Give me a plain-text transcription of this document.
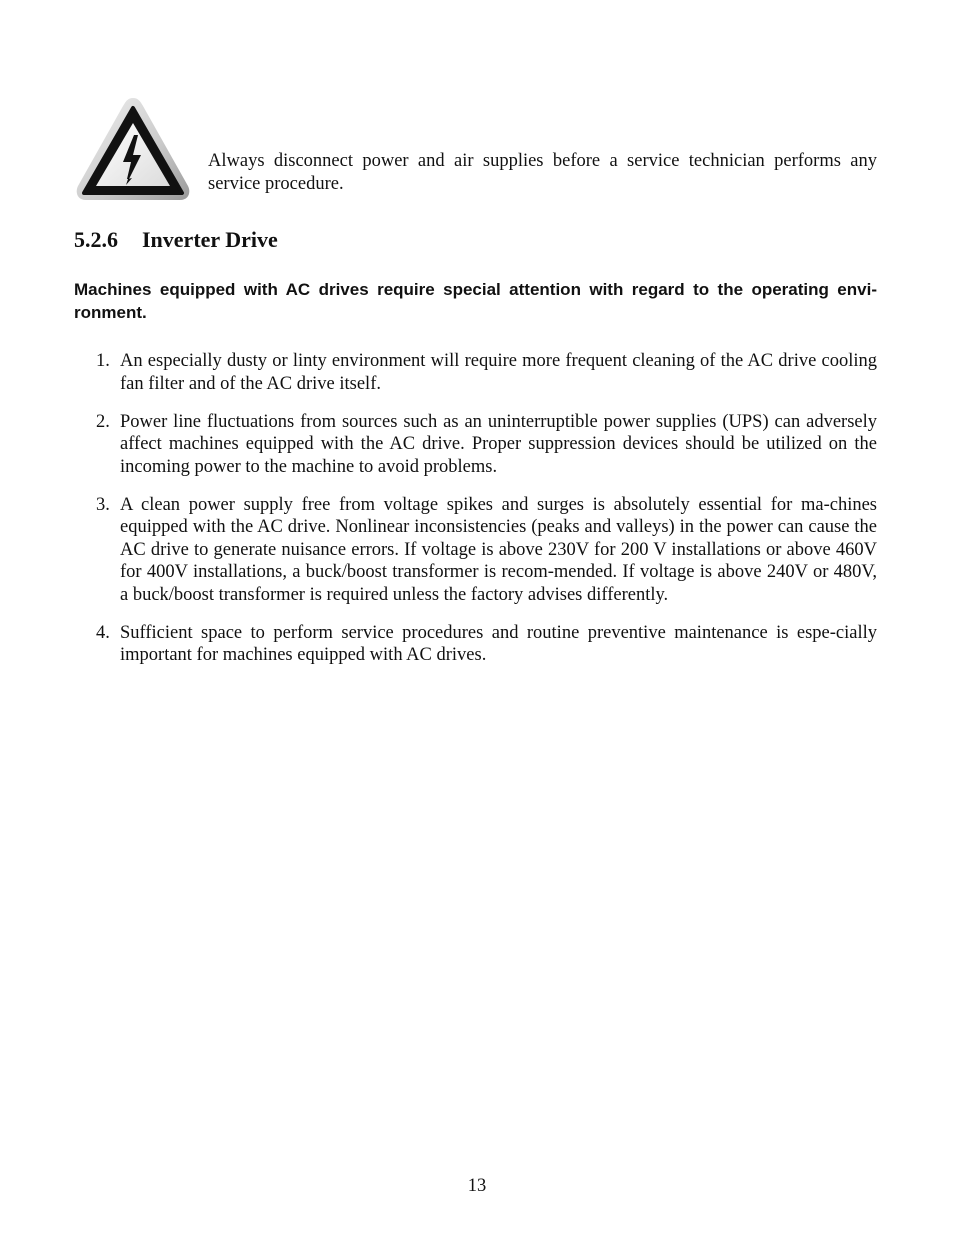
Always disconnect power and air supplies before a service technician performs any service procedure.
5.2.6 Inverter Drive
Machines equipped with AC drives require special attention with regard to the operating envi-ronment.
1. An especially dusty or linty environment will require more frequent cleaning of the AC drive cooling fan filter and of the AC drive itself.
2. Power line fluctuations from sources such as an uninterruptible power supplies (UPS) can adversely affect machines equipped with the AC drive. Proper suppression devices should be utilized on the incoming power to the machine to avoid problems.
3. A clean power supply free from voltage spikes and surges is absolutely essential for ma-chines equipped with the AC drive. Nonlinear inconsistencies (peaks and valleys) in the power can cause the AC drive to generate nuisance errors. If voltage is above 230V for 200 V installations or above 460V for 400V installations, a buck/boost transformer is recom-mended. If voltage is above 240V or 480V, a buck/boost transformer is required unless the factory advises differently.
4. Sufficient space to perform service procedures and routine preventive maintenance is espe-cially important for machines equipped with AC drives.
13
